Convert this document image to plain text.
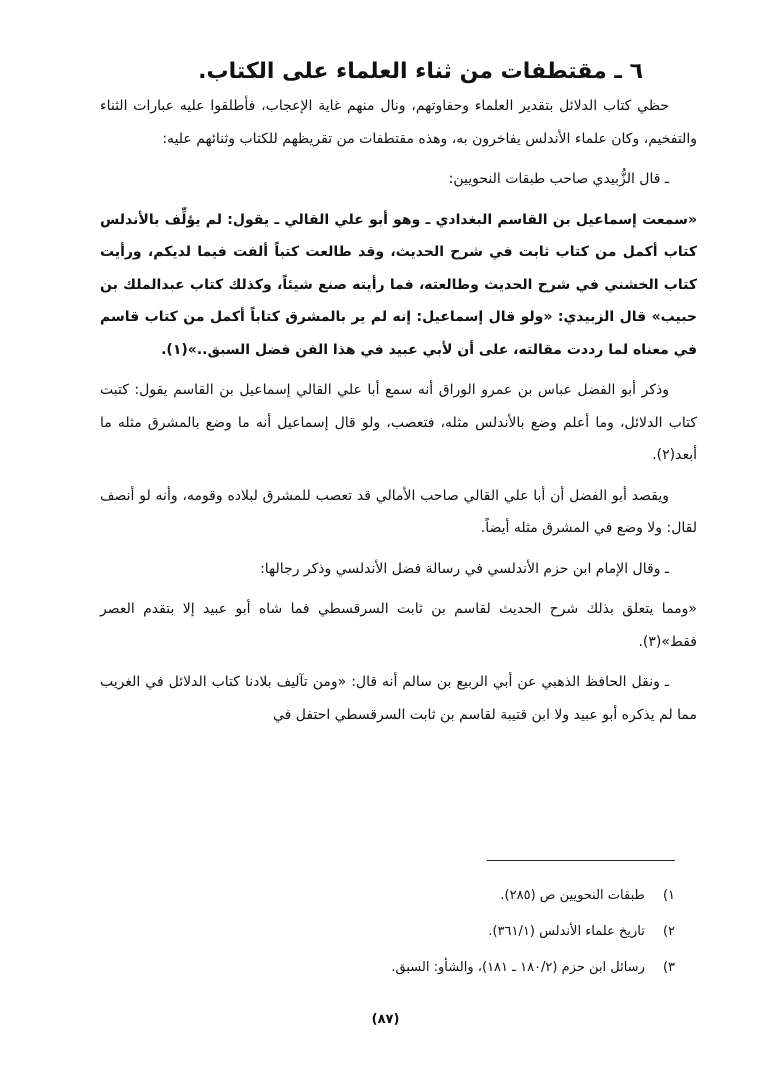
٦ ـ مقتطفات من ثناء العلماء على الكتاب.

حظي كتاب الدلائل بتقدير العلماء وحفاوتهم، ونال منهم غاية الإعجاب، فأطلقوا عليه عبارات الثناء والتفخيم، وكان علماء الأندلس يفاخرون به، وهذه مقتطفات من تقريظهم للكتاب وثنائهم عليه:

ـ قال الزُّبيدي صاحب طبقات النحويين:

«سمعت إسماعيل بن القاسم البغدادي ـ وهو أبو علي القالي ـ يقول: لم يؤلِّف بالأندلس كتاب أكمل من كتاب ثابت في شرح الحديث، وقد طالعت كتباً ألفت فيما لديكم، ورأيت كتاب الخشني في شرح الحديث وطالعته، فما رأيته صنع شيئاً، وكذلك كتاب عبدالملك بن حبيب» قال الزبيدي: «ولو قال إسماعيل: إنه لم ير بالمشرق كتاباً أكمل من كتاب قاسم في معناه لما رددت مقالته، على أن لأبي عبيد في هذا الفن فضل السبق..»(١).

وذكر أبو الفضل عباس بن عمرو الوراق أنه سمع أبا علي القالي إسماعيل بن القاسم يقول: كتبت كتاب الدلائل، وما أعلم وضع بالأندلس مثله، فتعصب، ولو قال إسماعيل أنه ما وضع بالمشرق مثله ما أبعد(٢).

ويقصد أبو الفضل أن أبا علي القالي صاحب الأمالي قد تعصب للمشرق لبلاده وقومه، وأنه لو أنصف لقال: ولا وضع في المشرق مثله أيضاً.

ـ وقال الإمام ابن حزم الأندلسي في رسالة فضل الأندلسي وذكر رجالها:

«ومما يتعلق بذلك شرح الحديث لقاسم بن ثابت السرقسطي فما شاه أبو عبيد إلا بتقدم العصر فقط»(٣).

ـ ونقل الحافظ الذهبي عن أبي الربيع بن سالم أنه قال: «ومن تآليف بلادنا كتاب الدلائل في الغريب مما لم يذكره أبو عبيد ولا ابن قتيبة لقاسم بن ثابت السرقسطي احتفل في

١) طبقات النحويين ص (٢٨٥).
٢) تاريخ علماء الأندلس (٣٦١/١).
٣) رسائل ابن حزم (١٨٠/٢ ـ ١٨١)، والشأو: السبق.
(٨٧)
